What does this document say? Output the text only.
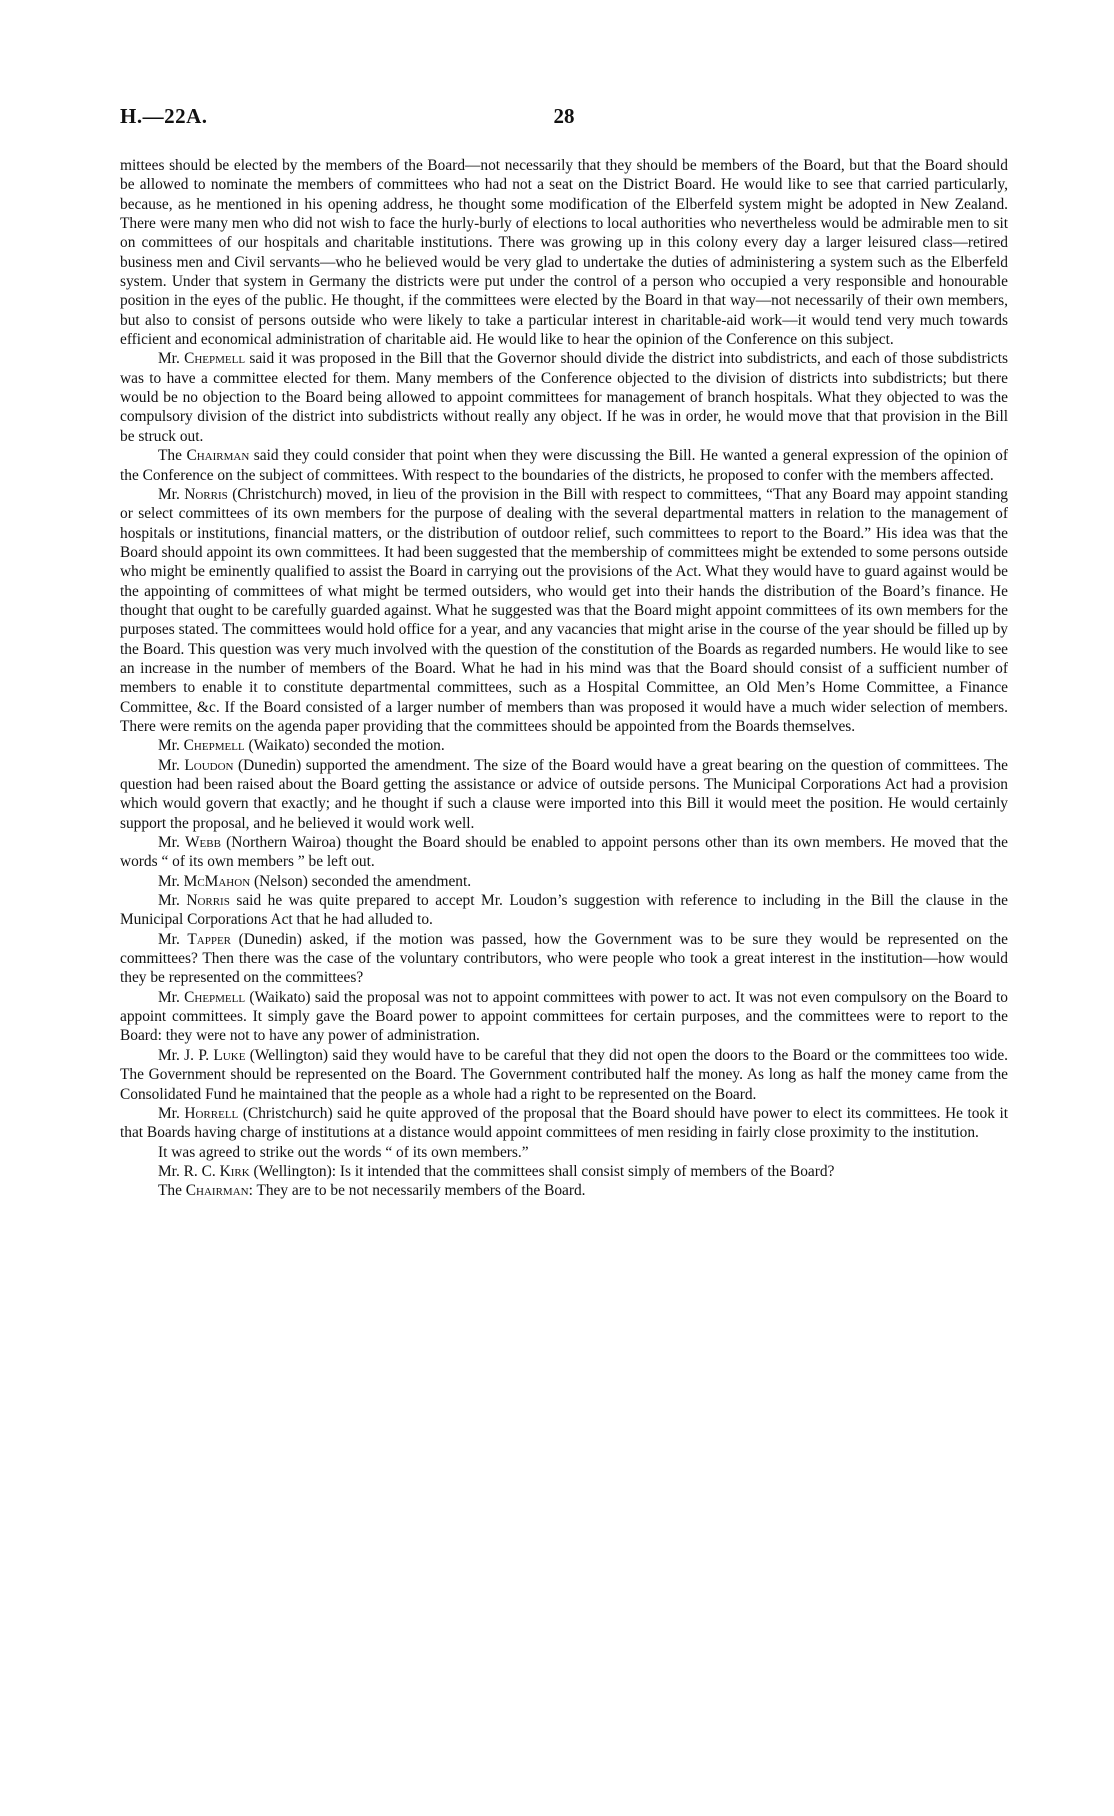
H.—22A.	28

mittees should be elected by the members of the Board—not necessarily that they should be members of the Board, but that the Board should be allowed to nominate the members of committees who had not a seat on the District Board. He would like to see that carried particularly, because, as he mentioned in his opening address, he thought some modification of the Elberfeld system might be adopted in New Zealand. There were many men who did not wish to face the hurly-burly of elections to local authorities who nevertheless would be admirable men to sit on committees of our hospitals and charitable institutions. There was growing up in this colony every day a larger leisured class—retired business men and Civil servants—who he believed would be very glad to undertake the duties of administering a system such as the Elberfeld system. Under that system in Germany the districts were put under the control of a person who occupied a very responsible and honourable position in the eyes of the public. He thought, if the committees were elected by the Board in that way—not necessarily of their own members, but also to consist of persons outside who were likely to take a particular interest in charitable-aid work—it would tend very much towards efficient and economical administration of charitable aid. He would like to hear the opinion of the Conference on this subject.

Mr. Chepmell said it was proposed in the Bill that the Governor should divide the district into subdistricts, and each of those subdistricts was to have a committee elected for them. Many members of the Conference objected to the division of districts into subdistricts; but there would be no objection to the Board being allowed to appoint committees for management of branch hospitals. What they objected to was the compulsory division of the district into subdistricts without really any object. If he was in order, he would move that that provision in the Bill be struck out.

The Chairman said they could consider that point when they were discussing the Bill. He wanted a general expression of the opinion of the Conference on the subject of committees. With respect to the boundaries of the districts, he proposed to confer with the members affected.

Mr. Norris (Christchurch) moved, in lieu of the provision in the Bill with respect to committees, “That any Board may appoint standing or select committees of its own members for the purpose of dealing with the several departmental matters in relation to the management of hospitals or institutions, financial matters, or the distribution of outdoor relief, such committees to report to the Board.” His idea was that the Board should appoint its own committees. It had been suggested that the membership of committees might be extended to some persons outside who might be eminently qualified to assist the Board in carrying out the provisions of the Act. What they would have to guard against would be the appointing of committees of what might be termed outsiders, who would get into their hands the distribution of the Board’s finance. He thought that ought to be carefully guarded against. What he suggested was that the Board might appoint committees of its own members for the purposes stated. The committees would hold office for a year, and any vacancies that might arise in the course of the year should be filled up by the Board. This question was very much involved with the question of the constitution of the Boards as regarded numbers. He would like to see an increase in the number of members of the Board. What he had in his mind was that the Board should consist of a sufficient number of members to enable it to constitute departmental committees, such as a Hospital Committee, an Old Men’s Home Committee, a Finance Committee, &c. If the Board consisted of a larger number of members than was proposed it would have a much wider selection of members. There were remits on the agenda paper providing that the committees should be appointed from the Boards themselves.

Mr. Chepmell (Waikato) seconded the motion.

Mr. Loudon (Dunedin) supported the amendment. The size of the Board would have a great bearing on the question of committees. The question had been raised about the Board getting the assistance or advice of outside persons. The Municipal Corporations Act had a provision which would govern that exactly; and he thought if such a clause were imported into this Bill it would meet the position. He would certainly support the proposal, and he believed it would work well.

Mr. Webb (Northern Wairoa) thought the Board should be enabled to appoint persons other than its own members. He moved that the words “ of its own members ” be left out.

Mr. McMahon (Nelson) seconded the amendment.

Mr. Norris said he was quite prepared to accept Mr. Loudon’s suggestion with reference to including in the Bill the clause in the Municipal Corporations Act that he had alluded to.

Mr. Tapper (Dunedin) asked, if the motion was passed, how the Government was to be sure they would be represented on the committees? Then there was the case of the voluntary contributors, who were people who took a great interest in the institution—how would they be represented on the committees?

Mr. Chepmell (Waikato) said the proposal was not to appoint committees with power to act. It was not even compulsory on the Board to appoint committees. It simply gave the Board power to appoint committees for certain purposes, and the committees were to report to the Board: they were not to have any power of administration.

Mr. J. P. Luke (Wellington) said they would have to be careful that they did not open the doors to the Board or the committees too wide. The Government should be represented on the Board. The Government contributed half the money. As long as half the money came from the Consolidated Fund he maintained that the people as a whole had a right to be represented on the Board.

Mr. Horrell (Christchurch) said he quite approved of the proposal that the Board should have power to elect its committees. He took it that Boards having charge of institutions at a distance would appoint committees of men residing in fairly close proximity to the institution.

It was agreed to strike out the words “ of its own members.”

Mr. R. C. Kirk (Wellington): Is it intended that the committees shall consist simply of members of the Board?

The Chairman: They are to be not necessarily members of the Board.
